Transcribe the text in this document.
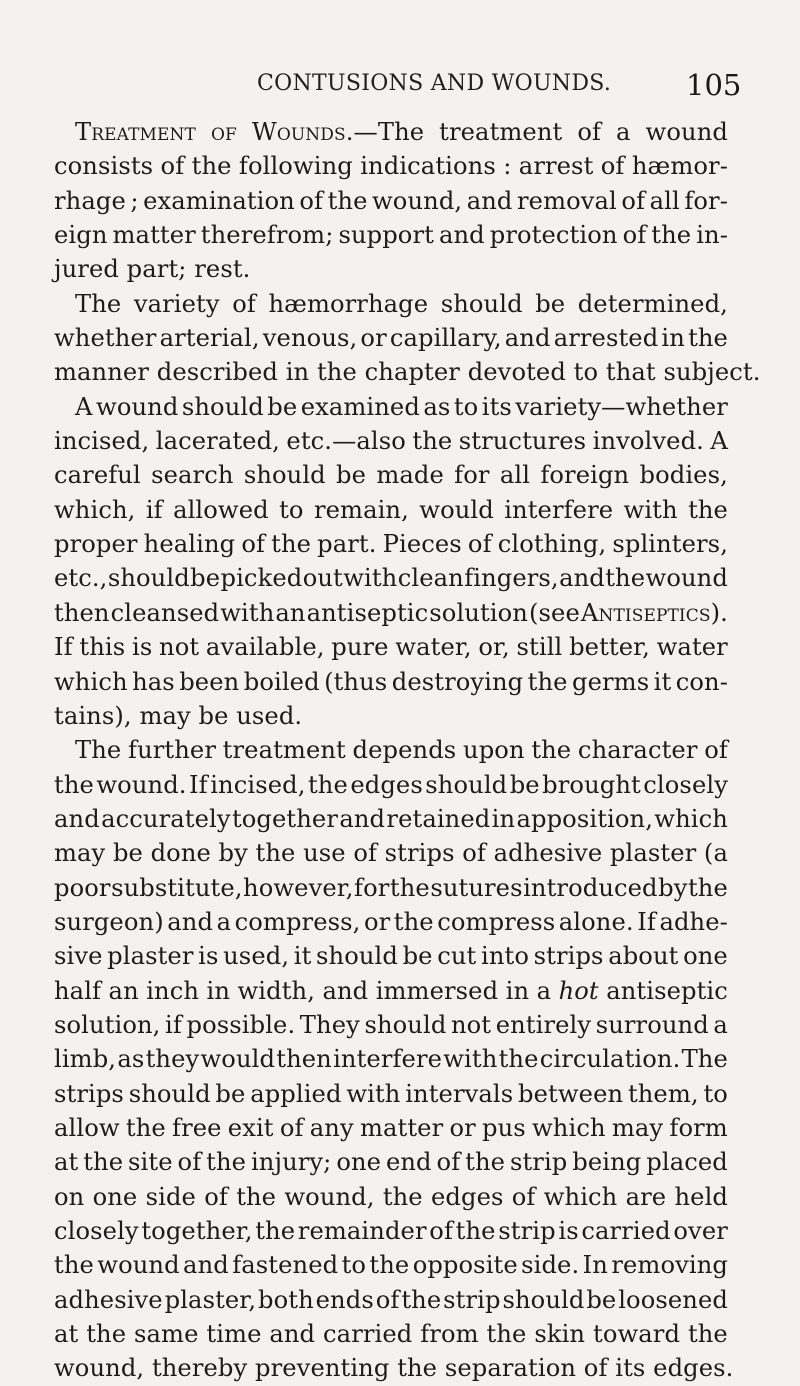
CONTUSIONS AND WOUNDS.	105
Treatment of Wounds.—The treatment of a wound
consists of the following indications : arrest of hæmor-
rhage ; examination of the wound, and removal of all for-
eign matter therefrom; support and protection of the in-
jured part; rest.
The variety of hæmorrhage should be determined,
whether arterial, venous, or capillary, and arrested in the
manner described in the chapter devoted to that subject.
A wound should be examined as to its variety—whether
incised, lacerated, etc.—also the structures involved. A
careful search should be made for all foreign bodies,
which, if allowed to remain, would interfere with the
proper healing of the part. Pieces of clothing, splinters,
etc., should be picked out with clean fingers, and the wound
then cleansed with an antiseptic solution (see Antiseptics).
If this is not available, pure water, or, still better, water
which has been boiled (thus destroying the germs it con-
tains), may be used.
The further treatment depends upon the character of
the wound. If incised, the edges should be brought closely
and accurately together and retained in apposition, which
may be done by the use of strips of adhesive plaster (a
poor substitute, however, for the sutures introduced by the
surgeon) and a compress, or the compress alone. If adhe-
sive plaster is used, it should be cut into strips about one
half an inch in width, and immersed in a hot antiseptic
solution, if possible. They should not entirely surround a
limb, as they would then interfere with the circulation. The
strips should be applied with intervals between them, to
allow the free exit of any matter or pus which may form
at the site of the injury; one end of the strip being placed
on one side of the wound, the edges of which are held
closely together, the remainder of the strip is carried over
the wound and fastened to the opposite side. In removing
adhesive plaster, both ends of the strip should be loosened
at the same time and carried from the skin toward the
wound, thereby preventing the separation of its edges.
